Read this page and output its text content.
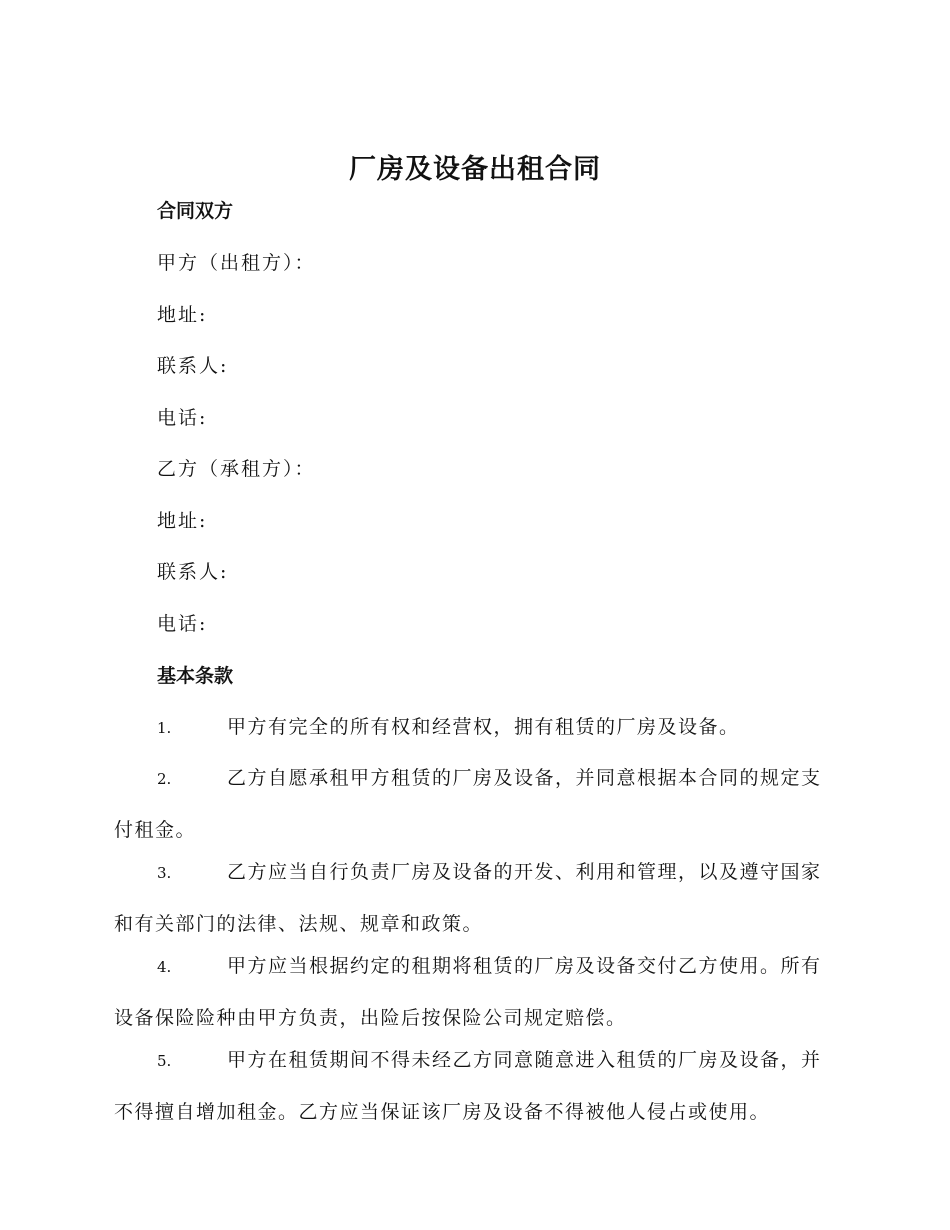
厂房及设备出租合同
合同双方
甲方（出租方）：
地址:
联系人:
电话:
乙方（承租方）：
地址:
联系人:
电话:
基本条款
1.	甲方有完全的所有权和经营权，拥有租赁的厂房及设备。
2.	乙方自愿承租甲方租赁的厂房及设备，并同意根据本合同的规定支付租金。
3.	乙方应当自行负责厂房及设备的开发、利用和管理，以及遵守国家和有关部门的法律、法规、规章和政策。
4.	甲方应当根据约定的租期将租赁的厂房及设备交付乙方使用。所有设备保险险种由甲方负责，出险后按保险公司规定赔偿。
5.	甲方在租赁期间不得未经乙方同意随意进入租赁的厂房及设备，并不得擅自增加租金。乙方应当保证该厂房及设备不得被他人侵占或使用。
